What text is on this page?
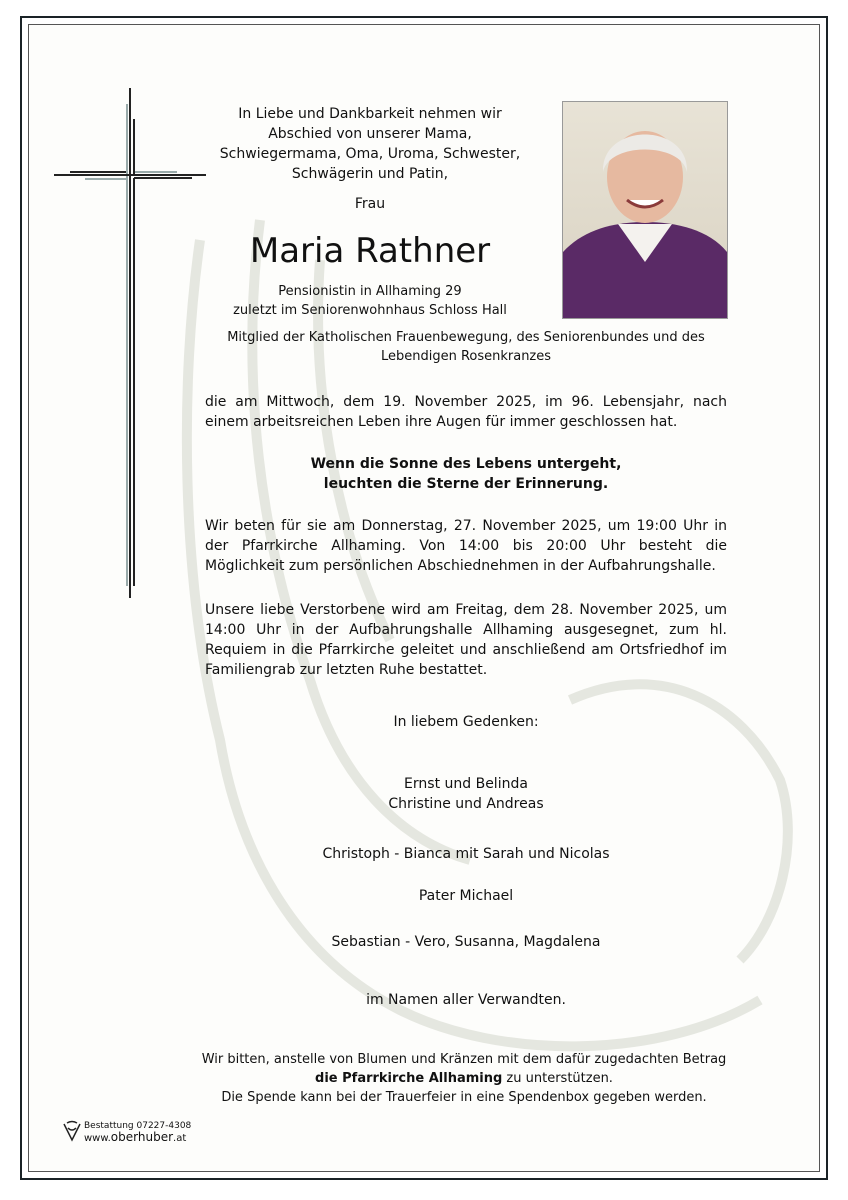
In Liebe und Dankbarkeit nehmen wir
Abschied von unserer Mama,
Schwiegermama, Oma, Uroma, Schwester,
Schwägerin und Patin,
Frau
Maria Rathner
Pensionistin in Allhaming 29
zuletzt im Seniorenwohnhaus Schloss Hall
Mitglied der Katholischen Frauenbewegung, des Seniorenbundes und des
Lebendigen Rosenkranzes
die am Mittwoch, dem 19. November 2025, im 96. Lebensjahr, nach einem arbeitsreichen Leben ihre Augen für immer geschlossen hat.
Wenn die Sonne des Lebens untergeht,
leuchten die Sterne der Erinnerung.
Wir beten für sie am Donnerstag, 27. November 2025, um 19:00 Uhr in der Pfarrkirche Allhaming. Von 14:00 bis 20:00 Uhr besteht die Möglichkeit zum persönlichen Abschiednehmen in der Aufbahrungshalle.
Unsere liebe Verstorbene wird am Freitag, dem 28. November 2025, um 14:00 Uhr in der Aufbahrungshalle Allhaming ausgesegnet, zum hl. Requiem in die Pfarrkirche geleitet und anschließend am Ortsfriedhof im Familiengrab zur letzten Ruhe bestattet.
In liebem Gedenken:
Ernst und Belinda
Christine und Andreas
Christoph - Bianca mit Sarah und Nicolas
Pater Michael
Sebastian - Vero, Susanna, Magdalena
im Namen aller Verwandten.
Wir bitten, anstelle von Blumen und Kränzen mit dem dafür zugedachten Betrag
die Pfarrkirche Allhaming zu unterstützen.
Die Spende kann bei der Trauerfeier in eine Spendenbox gegeben werden.
Bestattung 07227-4308
www.oberhuber.at
